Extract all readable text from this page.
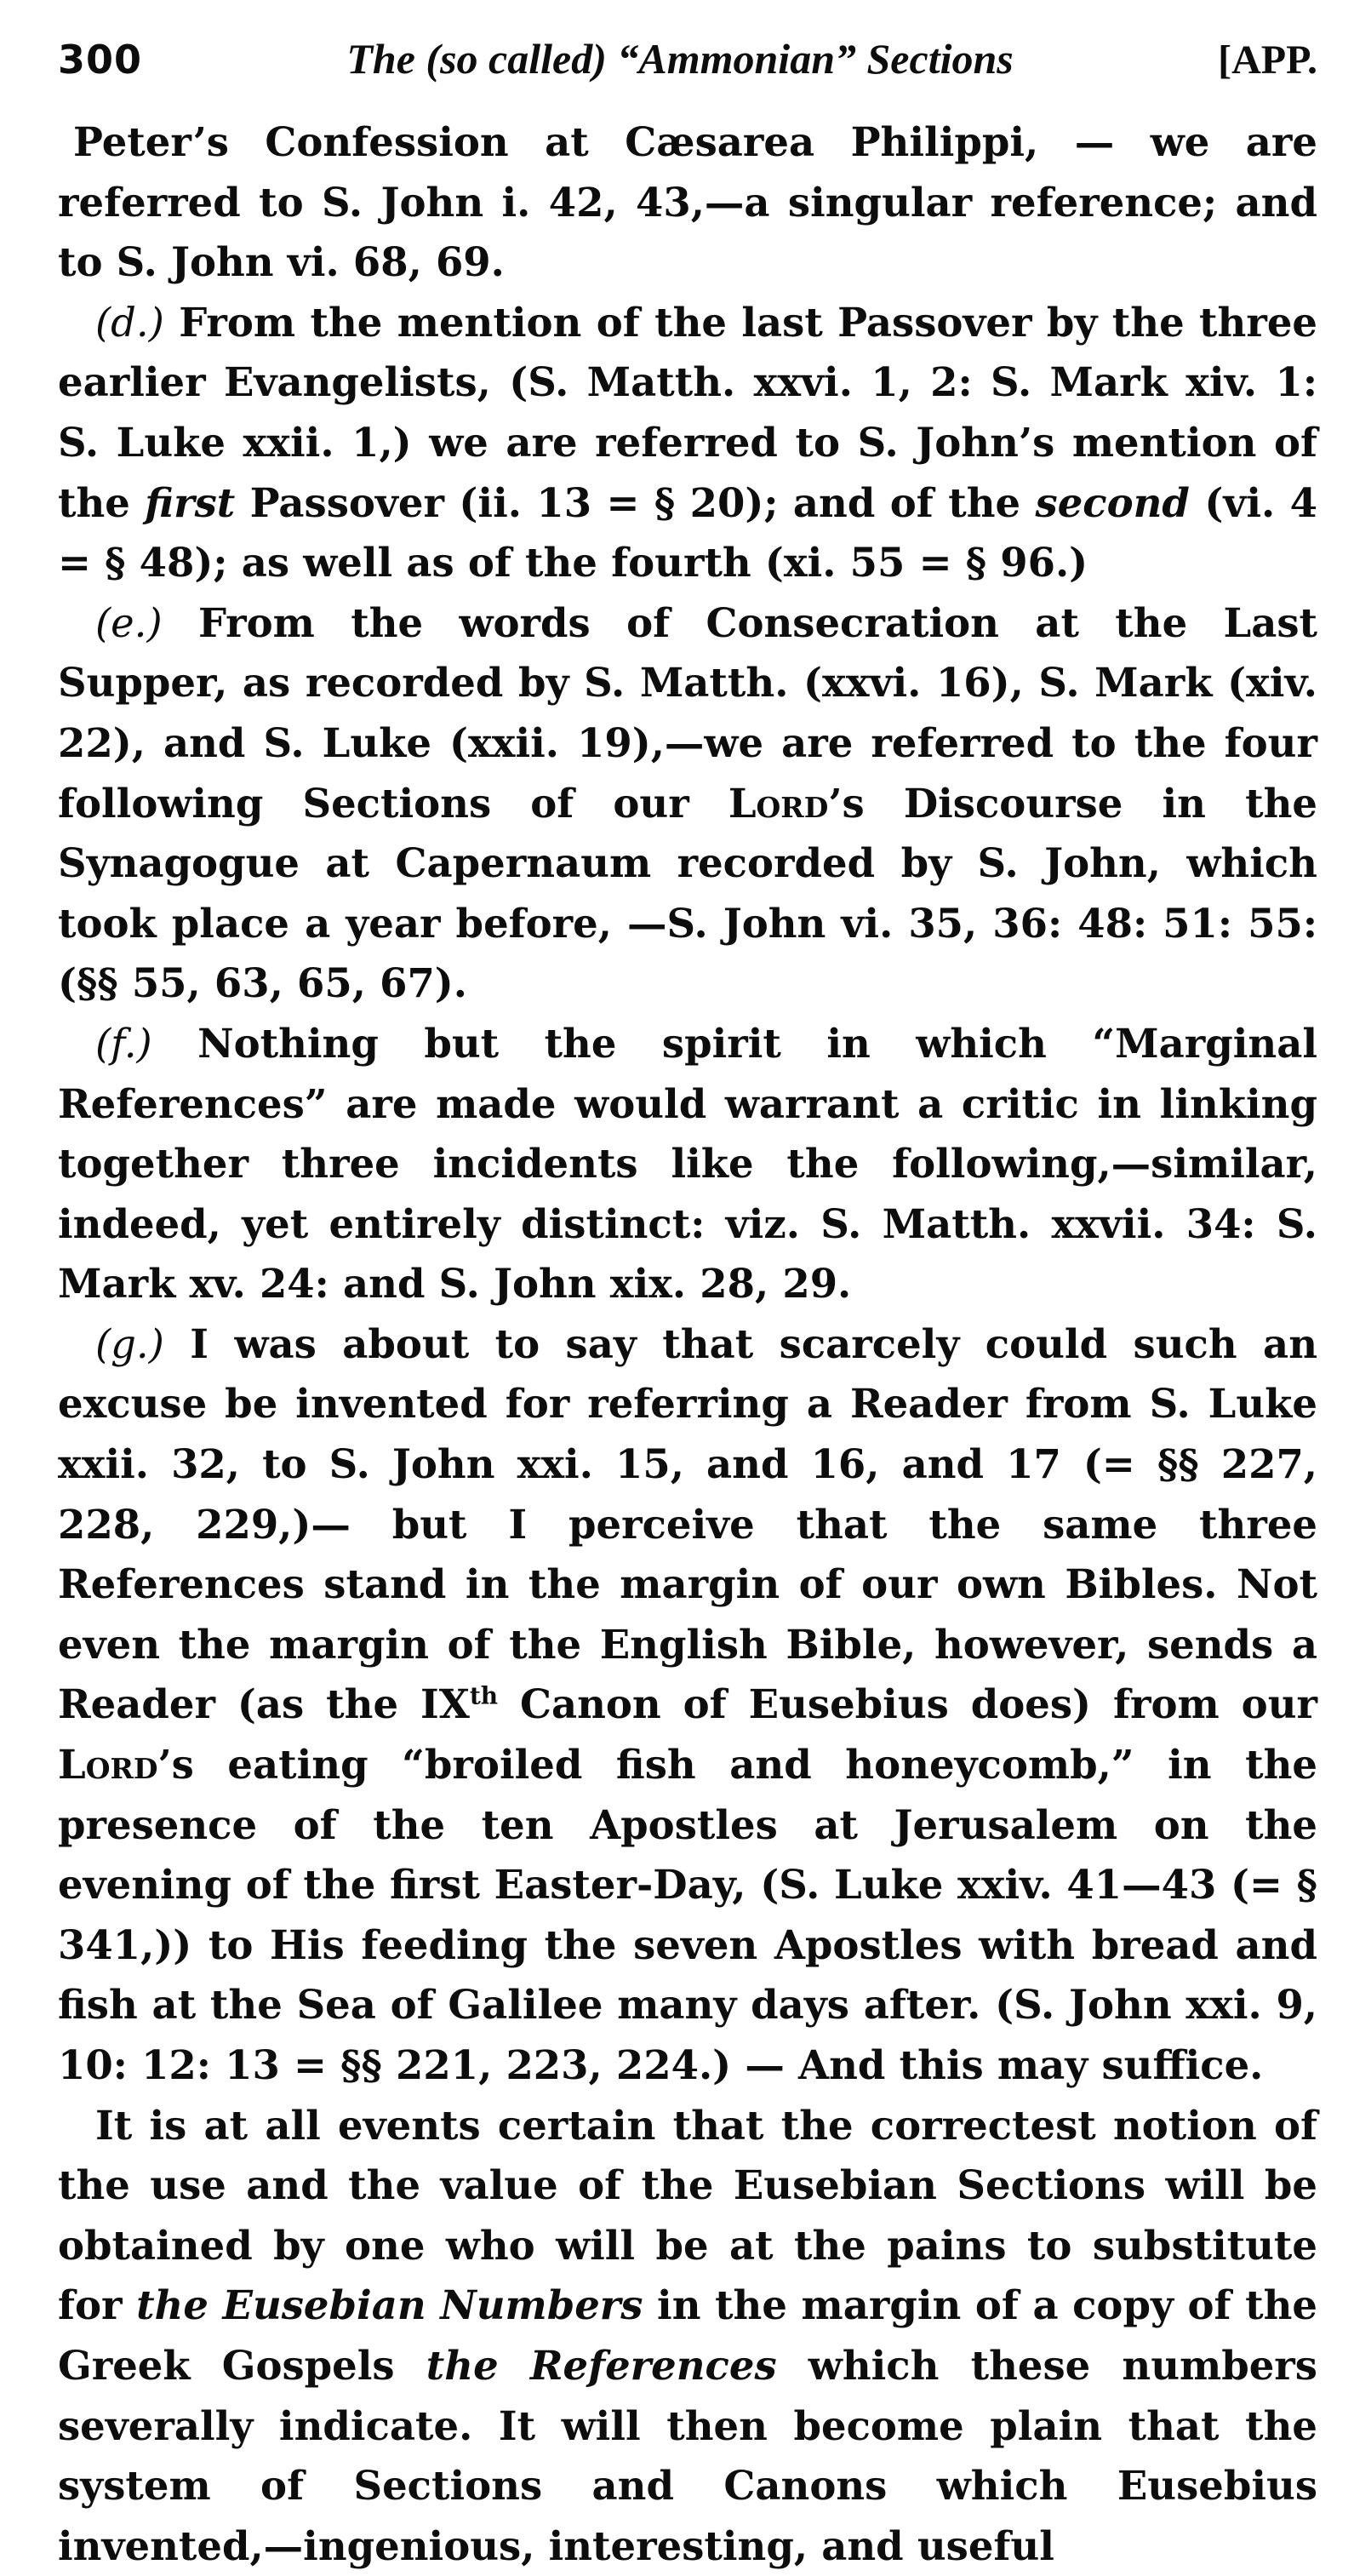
300	The (so called) “Ammonian” Sections	[APP.

Peter’s Confession at Cæsarea Philippi, — we are referred to S. John i. 42, 43,—a singular reference; and to S. John vi. 68, 69.

(d.) From the mention of the last Passover by the three earlier Evangelists, (S. Matth. xxvi. 1, 2: S. Mark xiv. 1: S. Luke xxii. 1,) we are referred to S. John’s mention of the first Passover (ii. 13 = § 20); and of the second (vi. 4 = § 48); as well as of the fourth (xi. 55 = § 96.)

(e.) From the words of Consecration at the Last Supper, as recorded by S. Matth. (xxvi. 16), S. Mark (xiv. 22), and S. Luke (xxii. 19),—we are referred to the four following Sections of our Lord’s Discourse in the Synagogue at Capernaum recorded by S. John, which took place a year before, —S. John vi. 35, 36: 48: 51: 55: (§§ 55, 63, 65, 67).

(f.) Nothing but the spirit in which “Marginal References” are made would warrant a critic in linking together three incidents like the following,—similar, indeed, yet entirely distinct: viz. S. Matth. xxvii. 34: S. Mark xv. 24: and S. John xix. 28, 29.

(g.) I was about to say that scarcely could such an excuse be invented for referring a Reader from S. Luke xxii. 32, to S. John xxi. 15, and 16, and 17 (= §§ 227, 228, 229,)— but I perceive that the same three References stand in the margin of our own Bibles. Not even the margin of the English Bible, however, sends a Reader (as the IXth Canon of Eusebius does) from our Lord’s eating “broiled fish and honeycomb,” in the presence of the ten Apostles at Jerusalem on the evening of the first Easter-Day, (S. Luke xxiv. 41—43 (= § 341,)) to His feeding the seven Apostles with bread and fish at the Sea of Galilee many days after. (S. John xxi. 9, 10: 12: 13 = §§ 221, 223, 224.) — And this may suffice.

It is at all events certain that the correctest notion of the use and the value of the Eusebian Sections will be obtained by one who will be at the pains to substitute for the Eusebian Numbers in the margin of a copy of the Greek Gospels the References which these numbers severally indicate. It will then become plain that the system of Sections and Canons which Eusebius invented,—ingenious, interesting, and useful
